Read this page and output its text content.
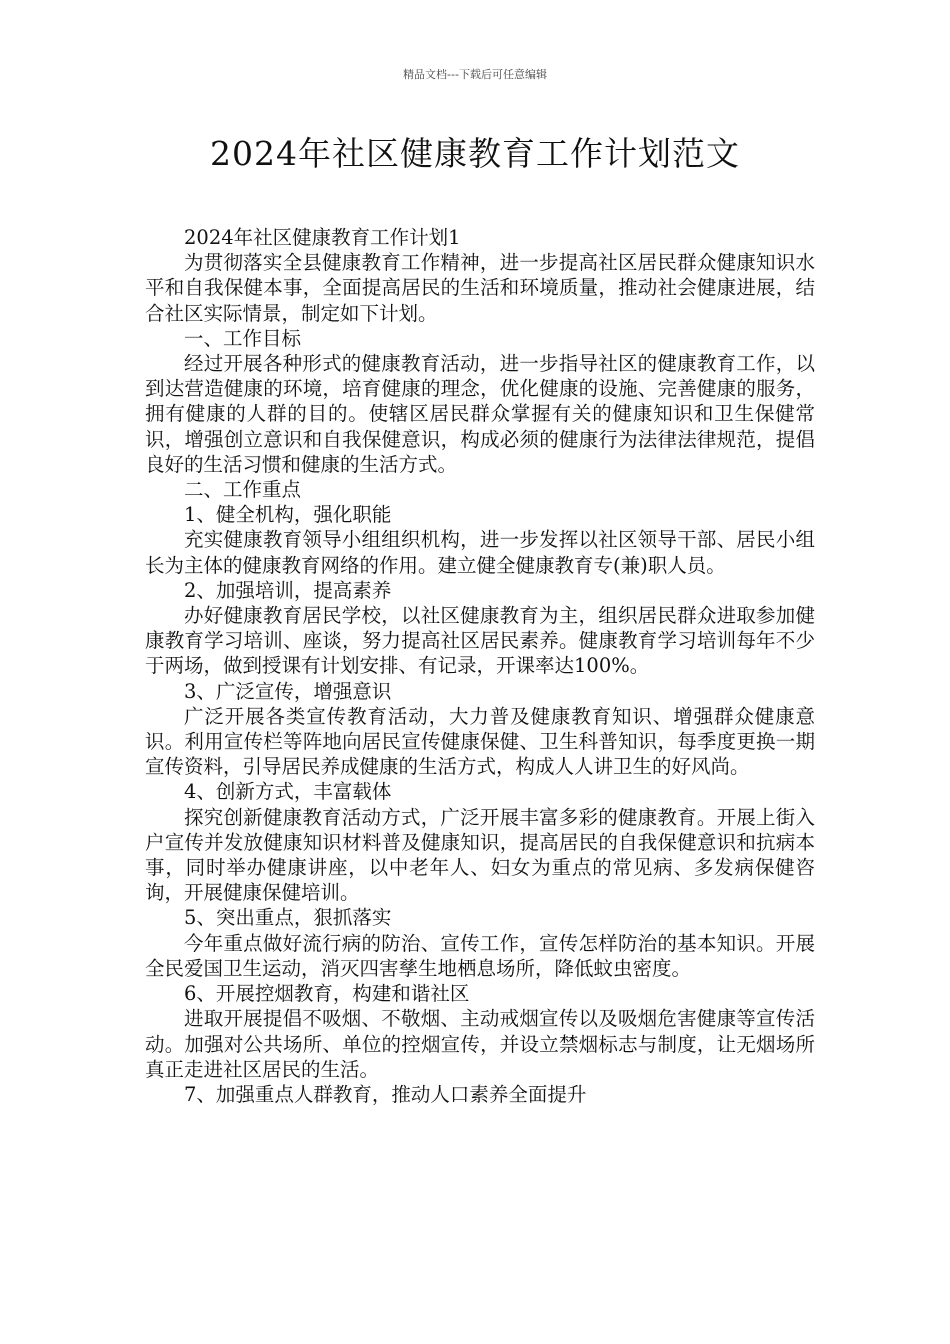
精品文档---下载后可任意编辑
2024年社区健康教育工作计划范文

2024年社区健康教育工作计划1

为贯彻落实全县健康教育工作精神，进一步提高社区居民群众健康知识水平和自我保健本事，全面提高居民的生活和环境质量，推动社会健康进展，结合社区实际情景，制定如下计划。

一、工作目标

经过开展各种形式的健康教育活动，进一步指导社区的健康教育工作，以到达营造健康的环境，培育健康的理念，优化健康的设施、完善健康的服务，拥有健康的人群的目的。使辖区居民群众掌握有关的健康知识和卫生保健常识，增强创立意识和自我保健意识，构成必须的健康行为法律法律规范，提倡良好的生活习惯和健康的生活方式。

二、工作重点

1、健全机构，强化职能

充实健康教育领导小组组织机构，进一步发挥以社区领导干部、居民小组长为主体的健康教育网络的作用。建立健全健康教育专(兼)职人员。

2、加强培训，提高素养

办好健康教育居民学校，以社区健康教育为主，组织居民群众进取参加健康教育学习培训、座谈，努力提高社区居民素养。健康教育学习培训每年不少于两场，做到授课有计划安排、有记录，开课率达100%。

3、广泛宣传，增强意识

广泛开展各类宣传教育活动，大力普及健康教育知识、增强群众健康意识。利用宣传栏等阵地向居民宣传健康保健、卫生科普知识，每季度更换一期宣传资料，引导居民养成健康的生活方式，构成人人讲卫生的好风尚。

4、创新方式，丰富载体

探究创新健康教育活动方式，广泛开展丰富多彩的健康教育。开展上街入户宣传并发放健康知识材料普及健康知识，提高居民的自我保健意识和抗病本事，同时举办健康讲座，以中老年人、妇女为重点的常见病、多发病保健咨询，开展健康保健培训。

5、突出重点，狠抓落实

今年重点做好流行病的防治、宣传工作，宣传怎样防治的基本知识。开展全民爱国卫生运动，消灭四害孳生地栖息场所，降低蚊虫密度。

6、开展控烟教育，构建和谐社区

进取开展提倡不吸烟、不敬烟、主动戒烟宣传以及吸烟危害健康等宣传活动。加强对公共场所、单位的控烟宣传，并设立禁烟标志与制度，让无烟场所真正走进社区居民的生活。

7、加强重点人群教育，推动人口素养全面提升
